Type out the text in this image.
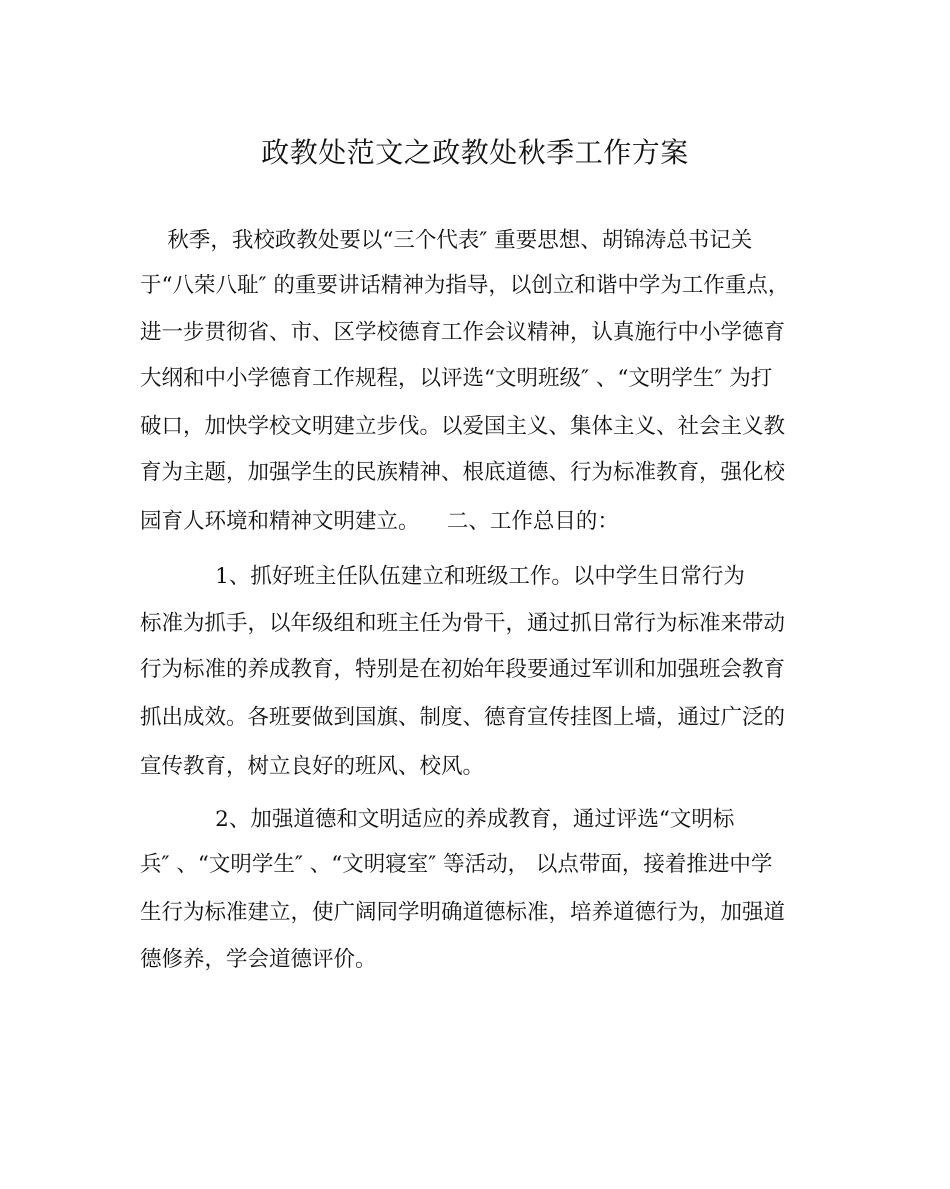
政教处范文之政教处秋季工作方案
秋季，我校政教处要以“三个代表″ 重要思想、胡锦涛总书记关
于“八荣八耻″ 的重要讲话精神为指导，以创立和谐中学为工作重点，
进一步贯彻省、市、区学校德育工作会议精神，认真施行中小学德育
大纲和中小学德育工作规程，以评选“文明班级″ 、“文明学生″ 为打
破口，加快学校文明建立步伐。以爱国主义、集体主义、社会主义教
育为主题，加强学生的民族精神、根底道德、行为标准教育，强化校
园育人环境和精神文明建立。    二、工作总目的：
1、抓好班主任队伍建立和班级工作。以中学生日常行为
标准为抓手，以年级组和班主任为骨干，通过抓日常行为标准来带动
行为标准的养成教育，特别是在初始年段要通过军训和加强班会教育
抓出成效。各班要做到国旗、制度、德育宣传挂图上墙，通过广泛的
宣传教育，树立良好的班风、校风。
2、加强道德和文明适应的养成教育，通过评选“文明标
兵″ 、“文明学生″ 、“文明寝室″ 等活动， 以点带面，接着推进中学
生行为标准建立，使广阔同学明确道德标准，培养道德行为，加强道
德修养，学会道德评价。
